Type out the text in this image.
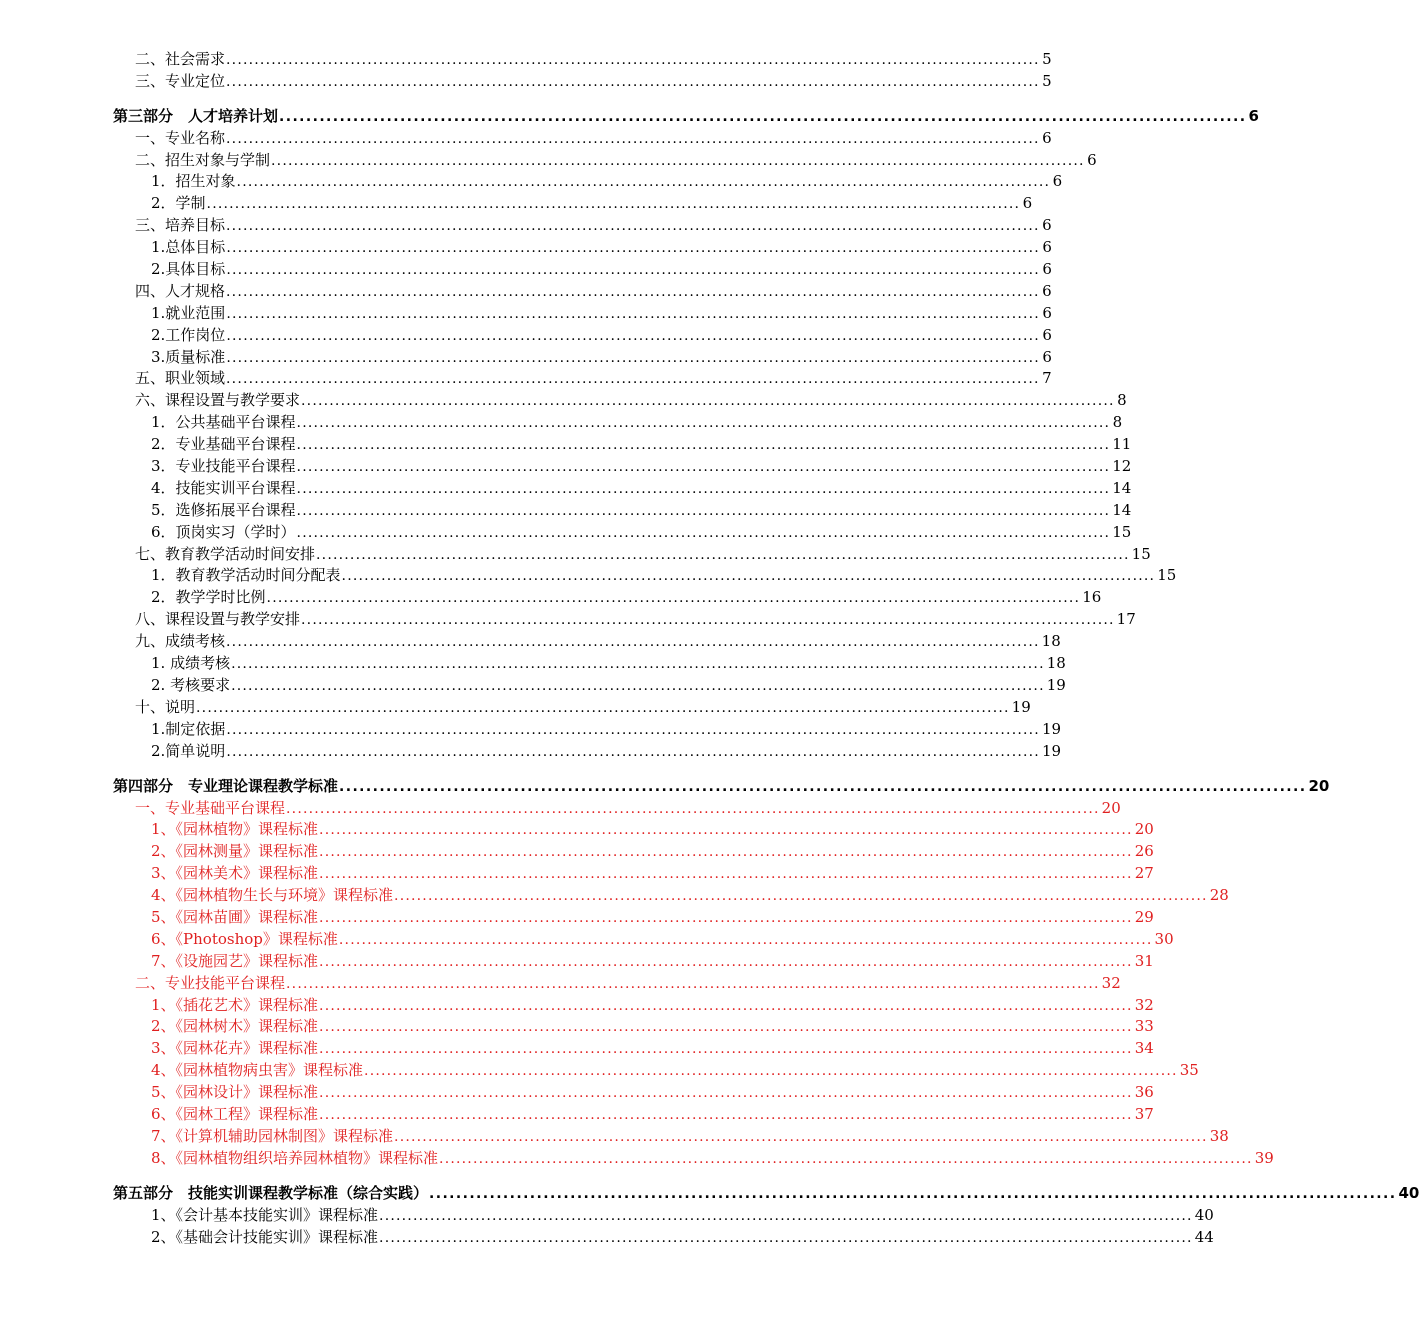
二、社会需求 ................................................................................................................................................ 5
三、专业定位 ................................................................................................................................................ 5
第三部分　人才培养计划 ................................................................................................................................................ 6
一、专业名称 ................................................................................................................................................ 6
二、招生对象与学制 ................................................................................................................................................ 6
1．招生对象 ................................................................................................................................................ 6
2．学制 ................................................................................................................................................ 6
三、培养目标 ................................................................................................................................................ 6
1.总体目标 ................................................................................................................................................ 6
2.具体目标 ................................................................................................................................................ 6
四、人才规格 ................................................................................................................................................ 6
1.就业范围 ................................................................................................................................................ 6
2.工作岗位 ................................................................................................................................................ 6
3.质量标准 ................................................................................................................................................ 6
五、职业领域 ................................................................................................................................................ 7
六、课程设置与教学要求 ................................................................................................................................................ 8
1．公共基础平台课程 ................................................................................................................................................ 8
2．专业基础平台课程 ................................................................................................................................................ 11
3．专业技能平台课程 ................................................................................................................................................ 12
4．技能实训平台课程 ................................................................................................................................................ 14
5．选修拓展平台课程 ................................................................................................................................................ 14
6．顶岗实习（学时） ................................................................................................................................................ 15
七、教育教学活动时间安排 ................................................................................................................................................ 15
1．教育教学活动时间分配表 ................................................................................................................................................ 15
2．教学学时比例 ................................................................................................................................................ 16
八、课程设置与教学安排 ................................................................................................................................................ 17
九、成绩考核 ................................................................................................................................................ 18
1. 成绩考核 ................................................................................................................................................ 18
2. 考核要求 ................................................................................................................................................ 19
十、说明 ................................................................................................................................................ 19
1.制定依据 ................................................................................................................................................ 19
2.简单说明 ................................................................................................................................................ 19
第四部分　专业理论课程教学标准 ................................................................................................................................................ 20
一、专业基础平台课程 ................................................................................................................................................ 20
1、《园林植物》课程标准 ................................................................................................................................................ 20
2、《园林测量》课程标准 ................................................................................................................................................ 26
3、《园林美术》课程标准 ................................................................................................................................................ 27
4、《园林植物生长与环境》课程标准 ................................................................................................................................................ 28
5、《园林苗圃》课程标准 ................................................................................................................................................ 29
6、《Photoshop》课程标准 ................................................................................................................................................ 30
7、《设施园艺》课程标准 ................................................................................................................................................ 31
二、专业技能平台课程 ................................................................................................................................................ 32
1、《插花艺术》课程标准 ................................................................................................................................................ 32
2、《园林树木》课程标准 ................................................................................................................................................ 33
3、《园林花卉》课程标准 ................................................................................................................................................ 34
4、《园林植物病虫害》课程标准 ................................................................................................................................................ 35
5、《园林设计》课程标准 ................................................................................................................................................ 36
6、《园林工程》课程标准 ................................................................................................................................................ 37
7、《计算机辅助园林制图》课程标准 ................................................................................................................................................ 38
8、《园林植物组织培养园林植物》课程标准 ................................................................................................................................................ 39
第五部分　技能实训课程教学标准（综合实践） ................................................................................................................................................ 40
1、《会计基本技能实训》课程标准 ................................................................................................................................................ 40
2、《基础会计技能实训》课程标准 ................................................................................................................................................ 44
